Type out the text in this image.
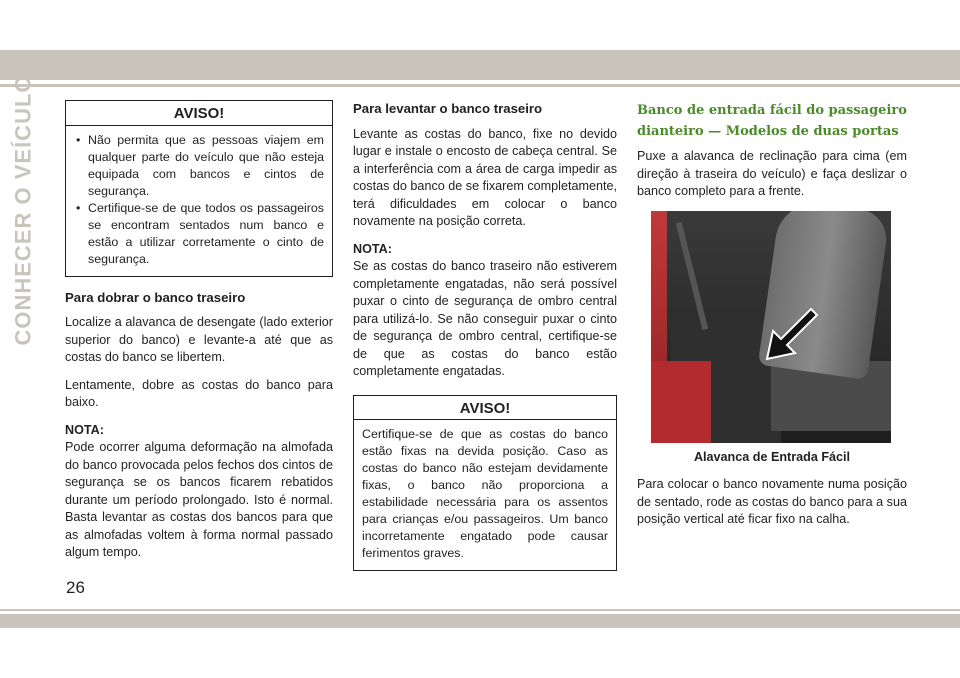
CONHECER O VEÍCULO	AVISO!
• Não permita que as pessoas viajem em qualquer parte do veículo que não esteja equipada com bancos e cintos de segurança.
• Certifique-se de que todos os passageiros se encontram sentados num banco e estão a utilizar corretamente o cinto de segurança.
Para dobrar o banco traseiro

Localize a alavanca de desengate (lado exterior superior do banco) e levante-a até que as costas do banco se libertem.

Lentamente, dobre as costas do banco para baixo.

NOTA:

Pode ocorrer alguma deformação na almofada do banco provocada pelos fechos dos cintos de segurança se os bancos ficarem rebatidos durante um período prolongado. Isto é normal. Basta levantar as costas dos bancos para que as almofadas voltem à forma normal passado algum tempo.

Para levantar o banco traseiro

Levante as costas do banco, fixe no devido lugar e instale o encosto de cabeça central. Se a interferência com a área de carga impedir as costas do banco de se fixarem completamente, terá dificuldades em colocar o banco novamente na posição correta.

NOTA:

Se as costas do banco traseiro não estiverem completamente engatadas, não será possível puxar o cinto de segurança de ombro central para utilizá-lo. Se não conseguir puxar o cinto de segurança de ombro central, certifique-se de que as costas do banco estão completamente engatadas.

AVISO!
Certifique-se de que as costas do banco estão fixas na devida posição. Caso as costas do banco não estejam devidamente fixas, o banco não proporciona a estabilidade necessária para os assentos para crianças e/ou passageiros. Um banco incorretamente engatado pode causar ferimentos graves.
Banco de entrada fácil do passageiro dianteiro — Modelos de duas portas

Puxe a alavanca de reclinação para cima (em direção à traseira do veículo) e faça deslizar o banco completo para a frente.

Alavanca de Entrada Fácil

Para colocar o banco novamente numa posição de sentado, rode as costas do banco para a sua posição vertical até ficar fixo na calha.

26
